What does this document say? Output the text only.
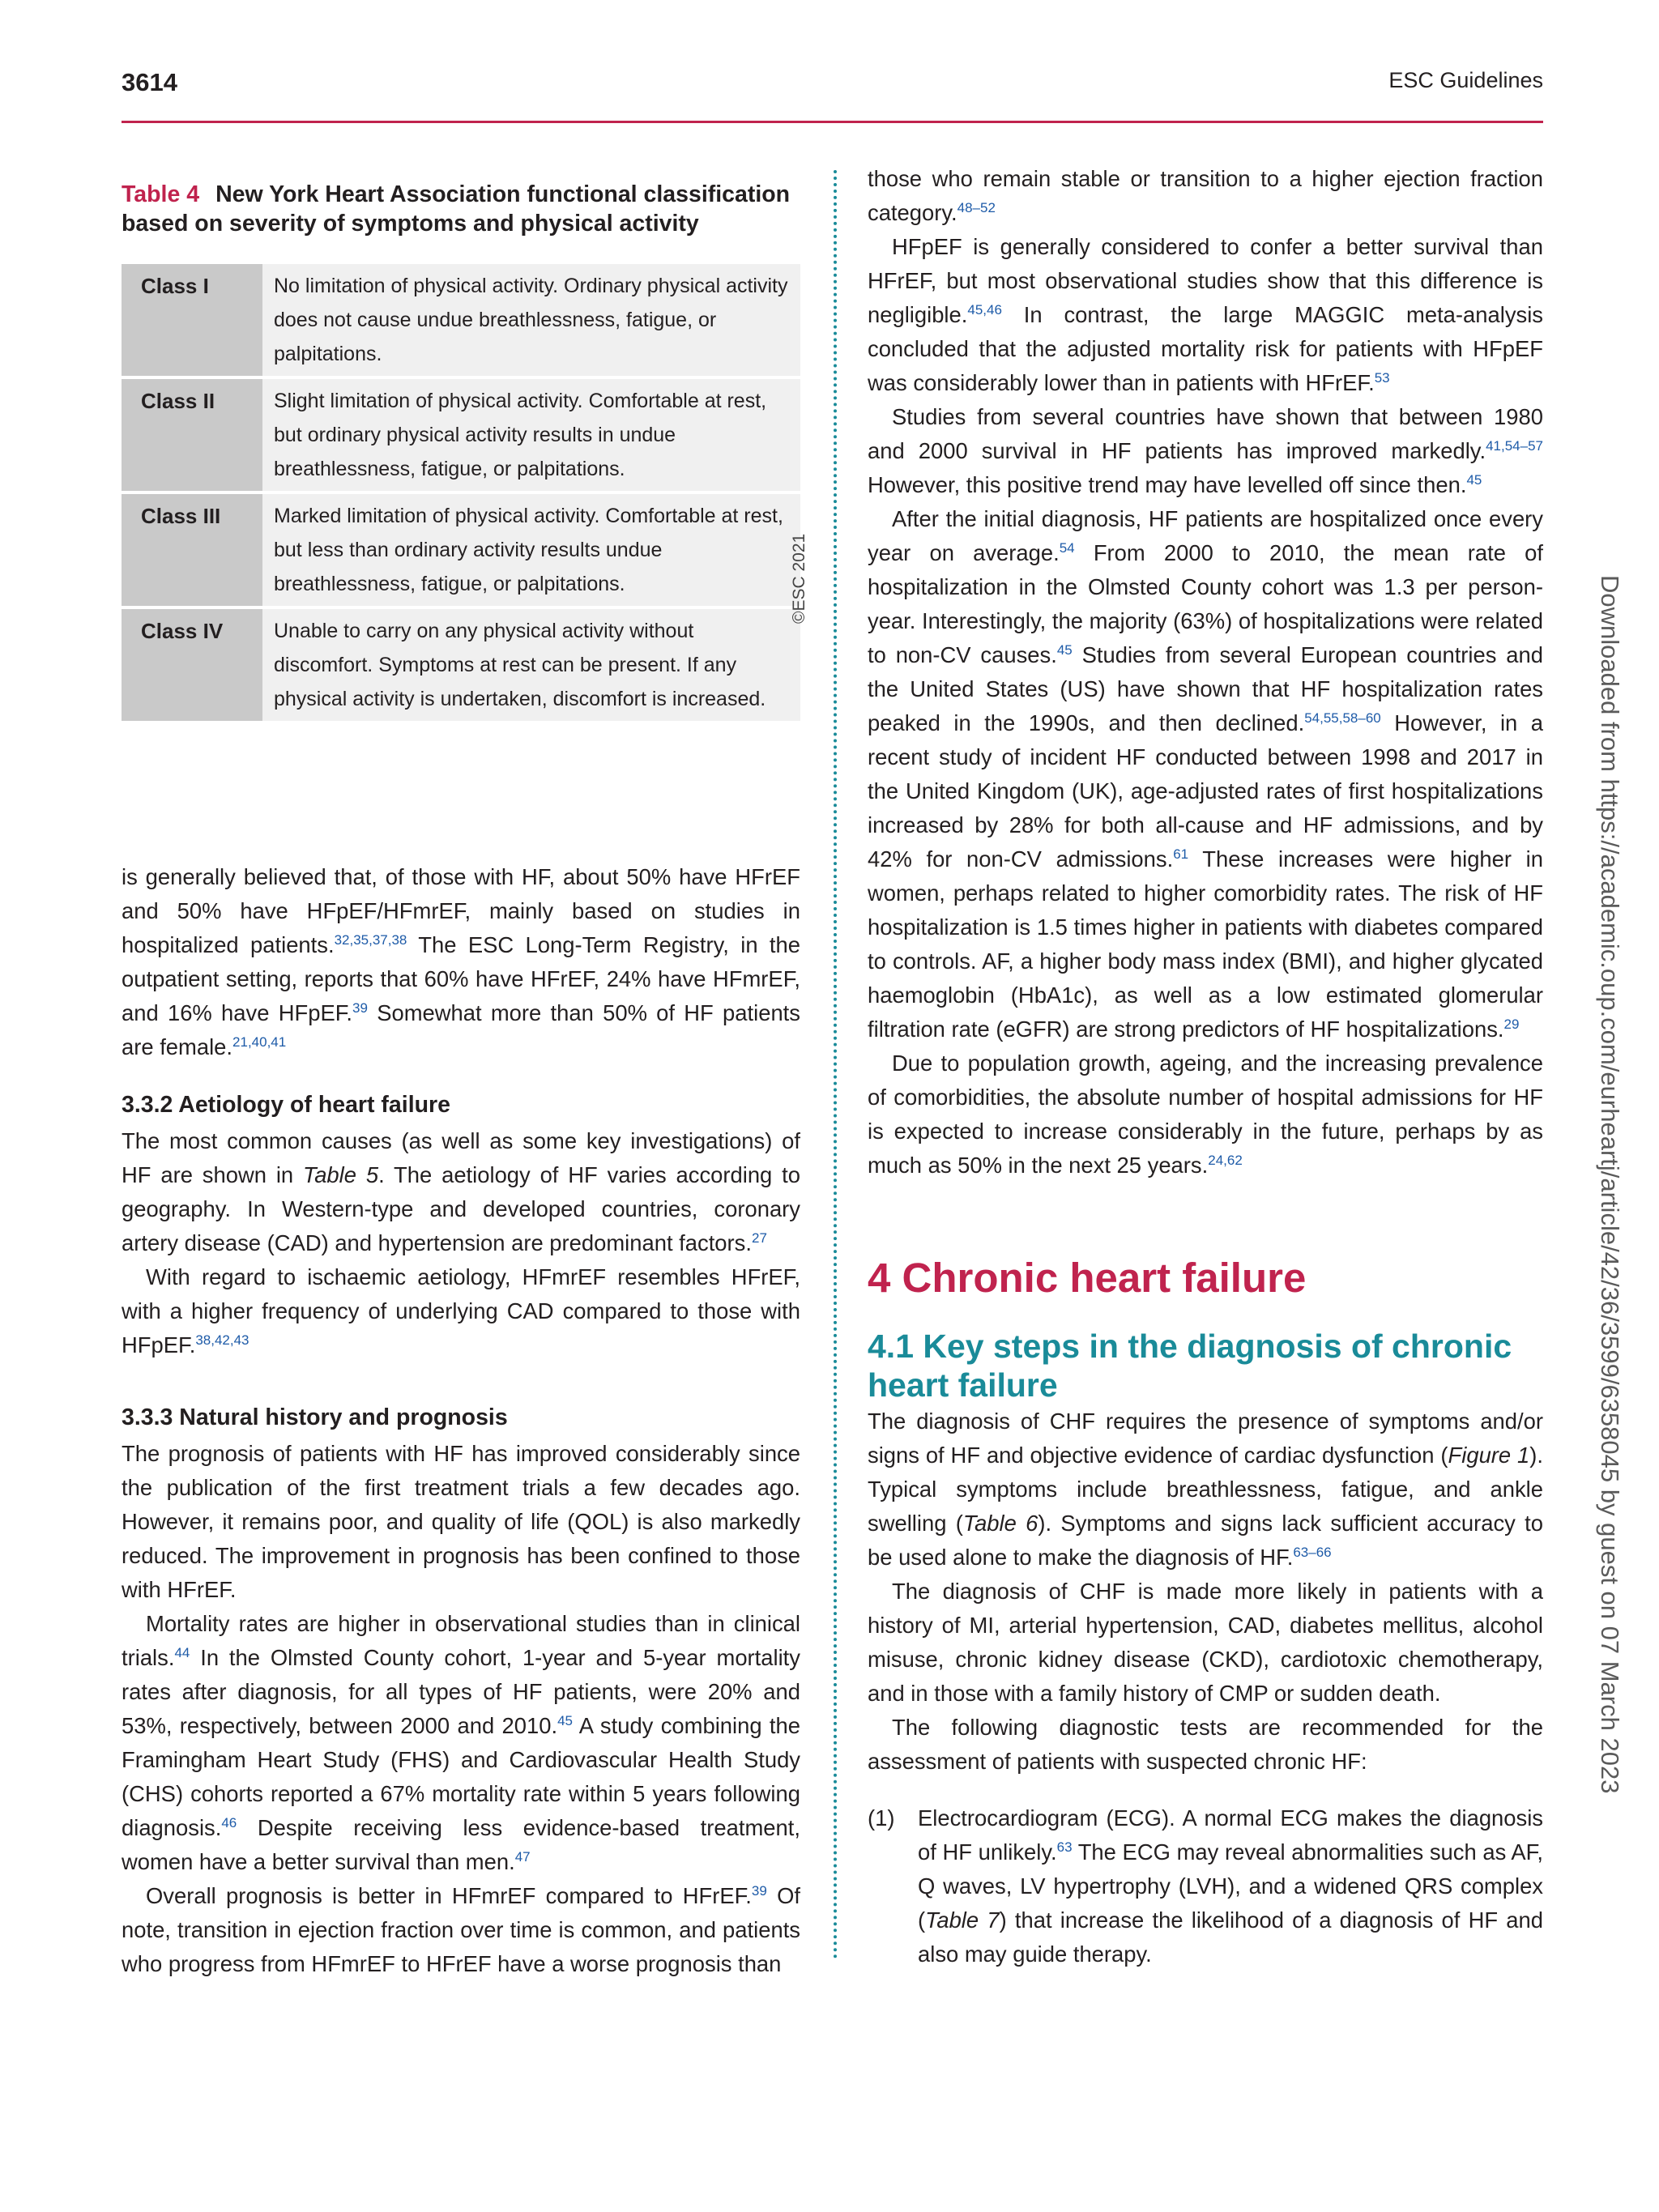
3614	ESC Guidelines
Table 4 New York Heart Association functional classification based on severity of symptoms and physical activity
Class I	No limitation of physical activity. Ordinary physical activity does not cause undue breathlessness, fatigue, or palpitations.
Class II	Slight limitation of physical activity. Comfortable at rest, but ordinary physical activity results in undue breathlessness, fatigue, or palpitations.
Class III	Marked limitation of physical activity. Comfortable at rest, but less than ordinary activity results undue breathlessness, fatigue, or palpitations.
Class IV	Unable to carry on any physical activity without discomfort. Symptoms at rest can be present. If any physical activity is undertaken, discomfort is increased.

is generally believed that, of those with HF, about 50% have HFrEF and 50% have HFpEF/HFmrEF, mainly based on studies in hospitalized patients.$^{32,35,37,38}$ The ESC Long-Term Registry, in the outpatient setting, reports that 60% have HFrEF, 24% have HFmrEF, and 16% have HFpEF.$^{39}$ Somewhat more than 50% of HF patients are female.$^{21,40,41}$

3.3.2 Aetiology of heart failure

The most common causes (as well as some key investigations) of HF are shown in Table 5. The aetiology of HF varies according to geography. In Western-type and developed countries, coronary artery disease (CAD) and hypertension are predominant factors.$^{27}$

With regard to ischaemic aetiology, HFmrEF resembles HFrEF, with a higher frequency of underlying CAD compared to those with HFpEF.$^{38,42,43}$

3.3.3 Natural history and prognosis

The prognosis of patients with HF has improved considerably since the publication of the first treatment trials a few decades ago. However, it remains poor, and quality of life (QOL) is also markedly reduced. The improvement in prognosis has been confined to those with HFrEF.

Mortality rates are higher in observational studies than in clinical trials.$^{44}$ In the Olmsted County cohort, 1-year and 5-year mortality rates after diagnosis, for all types of HF patients, were 20% and 53%, respectively, between 2000 and 2010.45 A study combining the Framingham Heart Study (FHS) and Cardiovascular Health Study (CHS) cohorts reported a 67% mortality rate within 5 years following diagnosis.$^{46}$ Despite receiving less evidence-based treatment, women have a better survival than men.$^{47}$

Overall prognosis is better in HFmrEF compared to HFrEF.$^{39}$ Of note, transition in ejection fraction over time is common, and patients who progress from HFmrEF to HFrEF have a worse prognosis than

©ESC 2021

those who remain stable or transition to a higher ejection fraction category.$^{48-52}$

HFpEF is generally considered to confer a better survival than HFrEF, but most observational studies show that this difference is negligible.$^{45,46}$ In contrast, the large MAGGIC meta-analysis concluded that the adjusted mortality risk for patients with HFpEF was considerably lower than in patients with HFrEF.$^{53}$

Studies from several countries have shown that between 1980 and 2000 survival in HF patients has improved markedly.$^{41,54-57}$ However, this positive trend may have levelled off since then.$^{45}$

After the initial diagnosis, HF patients are hospitalized once every year on average.$^{54}$ From 2000 to 2010, the mean rate of hospitalization in the Olmsted County cohort was 1.3 per person-year. Interestingly, the majority (63%) of hospitalizations were related to non-CV causes.$^{45}$ Studies from several European countries and the United States (US) have shown that HF hospitalization rates peaked in the 1990s, and then declined.$^{54,55,58-60}$ However, in a recent study of incident HF conducted between 1998 and 2017 in the United Kingdom (UK), age-adjusted rates of first hospitalizations increased by 28% for both all-cause and HF admissions, and by 42% for non-CV admissions.$^{61}$ These increases were higher in women, perhaps related to higher comorbidity rates. The risk of HF hospitalization is 1.5 times higher in patients with diabetes compared to controls. AF, a higher body mass index (BMI), and higher glycated haemoglobin (HbA1c), as well as a low estimated glomerular filtration rate (eGFR) are strong predictors of HF hospitalizations.$^{29}$

Due to population growth, ageing, and the increasing prevalence of comorbidities, the absolute number of hospital admissions for HF is expected to increase considerably in the future, perhaps by as much as 50% in the next 25 years.$^{24,62}$

4 Chronic heart failure
4.1 Key steps in the diagnosis of chronic heart failure

The diagnosis of CHF requires the presence of symptoms and/or signs of HF and objective evidence of cardiac dysfunction (Figure 1). Typical symptoms include breathlessness, fatigue, and ankle swelling (Table 6). Symptoms and signs lack sufficient accuracy to be used alone to make the diagnosis of HF.$^{63-66}$

The diagnosis of CHF is made more likely in patients with a history of MI, arterial hypertension, CAD, diabetes mellitus, alcohol misuse, chronic kidney disease (CKD), cardiotoxic chemotherapy, and in those with a family history of CMP or sudden death.

The following diagnostic tests are recommended for the assessment of patients with suspected chronic HF:

(1) Electrocardiogram (ECG). A normal ECG makes the diagnosis of HF unlikely.$^{63}$ The ECG may reveal abnormalities such as AF, Q waves, LV hypertrophy (LVH), and a widened QRS complex (Table 7) that increase the likelihood of a diagnosis of HF and also may guide therapy.
Downloaded from https://academic.oup.com/eurheartj/article/42/36/3599/6358045 by guest on 07 March 2023
